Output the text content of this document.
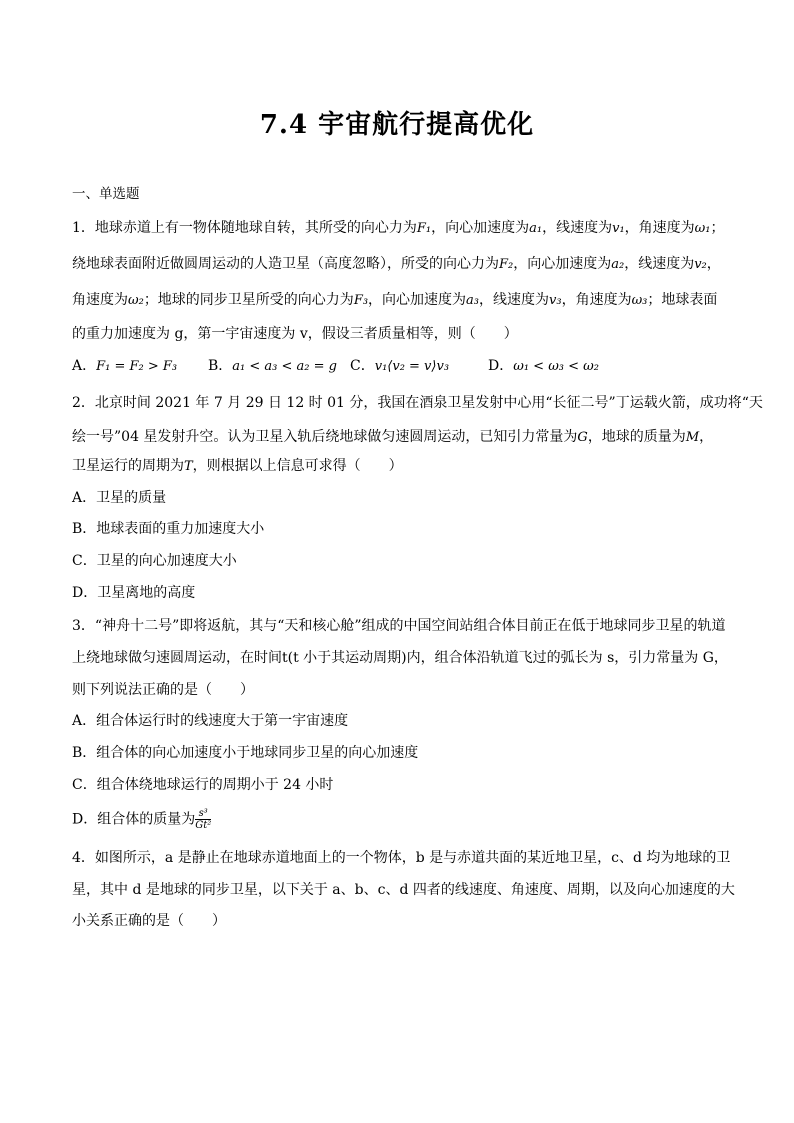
7.4 宇宙航行提高优化
一、单选题
1．地球赤道上有一物体随地球自转，其所受的向心力为F₁，向心加速度为a₁，线速度为v₁，角速度为ω₁；
绕地球表面附近做圆周运动的人造卫星（高度忽略），所受的向心力为F₂，向心加速度为a₂，线速度为v₂，
角速度为ω₂；地球的同步卫星所受的向心力为F₃，向心加速度为a₃，线速度为v₃，角速度为ω₃；地球表面
的重力加速度为 g，第一宇宙速度为 v，假设三者质量相等，则（　　）
A．F₁ = F₂ > F₃ B．a₁ < a₃ < a₂ = g C．v₁⟨v₂ = v⟩v₃	D．ω₁ < ω₃ < ω₂
2．北京时间 2021 年 7 月 29 日 12 时 01 分，我国在酒泉卫星发射中心用“长征二号”丁运载火箭，成功将“天
绘一号”04 星发射升空。认为卫星入轨后绕地球做匀速圆周运动，已知引力常量为G，地球的质量为M，
卫星运行的周期为T，则根据以上信息可求得（　　）
A．卫星的质量
B．地球表面的重力加速度大小
C．卫星的向心加速度大小
D．卫星离地的高度
3．“神舟十二号”即将返航，其与“天和核心舱”组成的中国空间站组合体目前正在低于地球同步卫星的轨道
上绕地球做匀速圆周运动，在时间t(t 小于其运动周期)内，组合体沿轨道飞过的弧长为 s，引力常量为 G，
则下列说法正确的是（　　）
A．组合体运行时的线速度大于第一宇宙速度
B．组合体的向心加速度小于地球同步卫星的向心加速度
C．组合体绕地球运行的周期小于 24 小时
D．组合体的质量为 $\frac{\text{s³}}{\text{Gt²}}$
4．如图所示，a 是静止在地球赤道地面上的一个物体，b 是与赤道共面的某近地卫星，c、d 均为地球的卫
星，其中 d 是地球的同步卫星，以下关于 a、b、c、d 四者的线速度、角速度、周期，以及向心加速度的大
小关系正确的是（　　）
